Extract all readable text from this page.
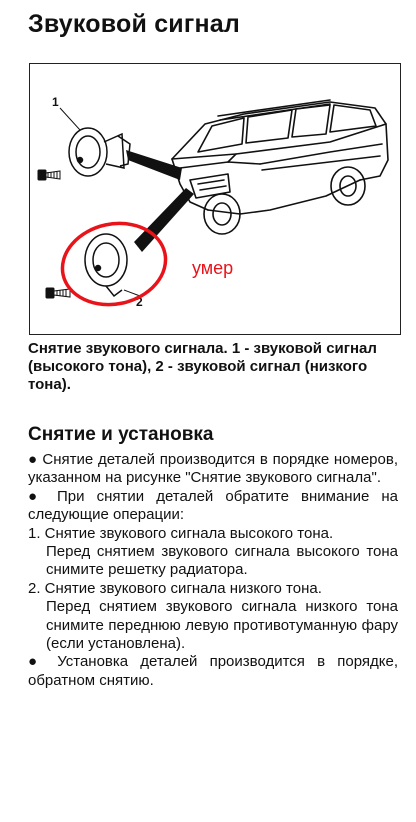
Звуковой сигнал
1
2
умер
Снятие звукового сигнала. 1 - звуковой сигнал (высокого тона), 2 - звуковой сигнал (низкого тона).
Снятие и установка

● Снятие деталей производится в порядке номеров, указанном на рисунке "Снятие звукового сигнала".

● При снятии деталей обратите внимание на следующие операции:

1. Снятие звукового сигнала высокого тона.

Перед снятием звукового сигнала высокого тона снимите решетку радиатора.

2. Снятие звукового сигнала низкого тона.

Перед снятием звукового сигнала низкого тона снимите переднюю левую противотуманную фару (если установлена).

● Установка деталей производится в порядке, обратном снятию.
